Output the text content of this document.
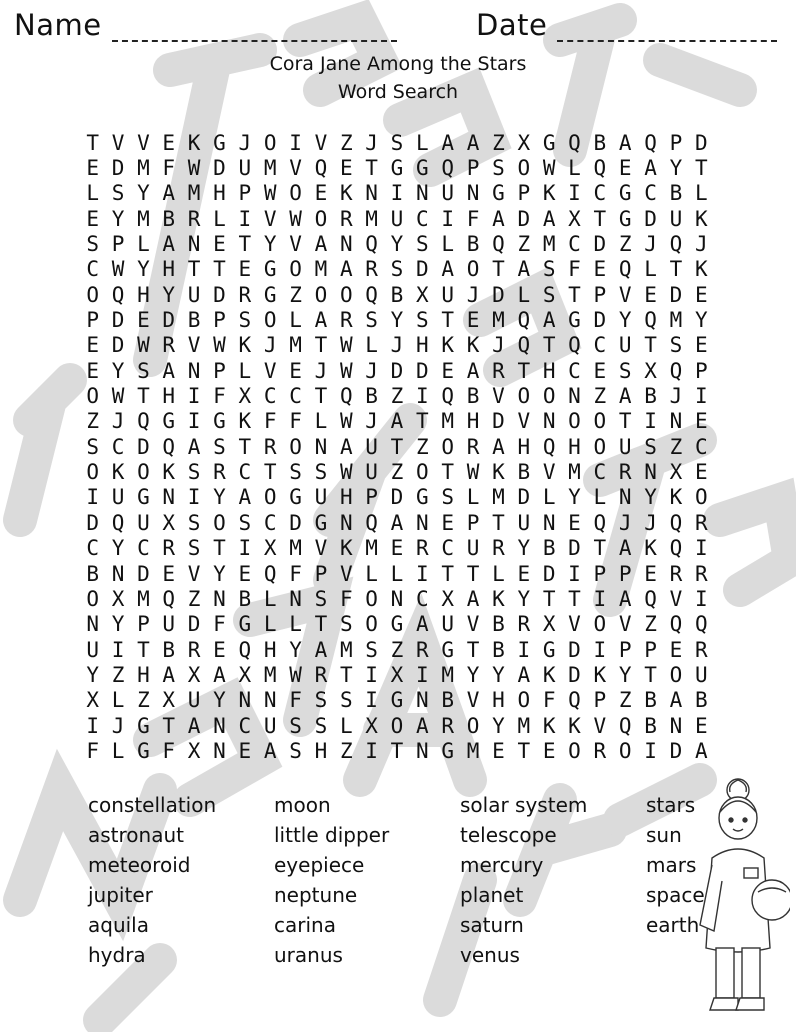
Name	Date
Cora Jane Among the Stars
Word Search
T V V E K G J O I V Z J S L A A Z X G Q B A Q P D
E D M F W D U M V Q E T G G Q P S O W L Q E A Y T
L S Y A M H P W O E K N I N U N G P K I C G C B L
E Y M B R L I V W O R M U C I F A D A X T G D U K
S P L A N E T Y V A N Q Y S L B Q Z M C D Z J Q J
C W Y H T T E G O M A R S D A O T A S F E Q L T K
O Q H Y U D R G Z O O Q B X U J D L S T P V E D E
P D E D B P S O L A R S Y S T E M Q A G D Y Q M Y
E D W R V W K J M T W L J H K K J Q T Q C U T S E
E Y S A N P L V E J W J D D E A R T H C E S X Q P
O W T H I F X C C T Q B Z I Q B V O O N Z A B J I
Z J Q G I G K F F L W J A T M H D V N O O T I N E
S C D Q A S T R O N A U T Z O R A H Q H O U S Z C
O K O K S R C T S S W U Z O T W K B V M C R N X E
I U G N I Y A O G U H P D G S L M D L Y L N Y K O
D Q U X S O S C D G N Q A N E P T U N E Q J J Q R
C Y C R S T I X M V K M E R C U R Y B D T A K Q I
B N D E V Y E Q F P V L L I T T L E D I P P E R R
O X M Q Z N B L N S F O N C X A K Y T T I A Q V I
N Y P U D F G L L T S O G A U V B R X V O V Z Q Q
U I T B R E Q H Y A M S Z R G T B I G D I P P E R
Y Z H A X A X M W R T I X I M Y Y A K D K Y T O U
X L Z X U Y N N F S S I G N B V H O F Q P Z B A B
I J G T A N C U S S L X O A R O Y M K K V Q B N E
F L G F X N E A S H Z I T N G M E T E O R O I D A
constellation
astronaut
meteoroid
jupiter
aquila
hydra
moon
little dipper
eyepiece
neptune
carina
uranus
solar system
telescope
mercury
planet
saturn
venus
stars
sun
mars
space
earth
